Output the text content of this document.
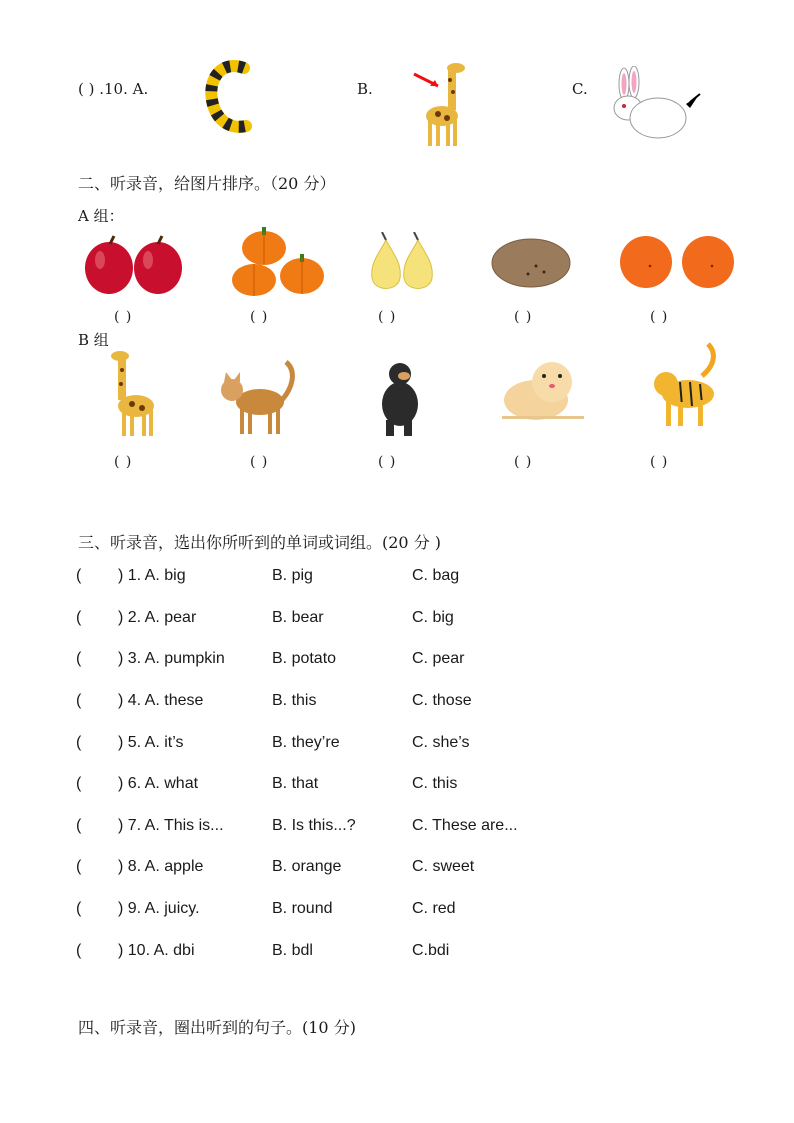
( ) .10. A.	B.	C.
二、听录音，给图片排序。（20 分）
A 组：
( )	( )	( )	( )	( )
B 组
( )	( )	( )	( )	( )
三、听录音，选出你所听到的单词或词组。(20 分 )
( ) 1. A. big	B. pig	C. bag
( ) 2. A. pear	B. bear	C. big
( ) 3. A. pumpkin	B. potato	C. pear
( ) 4. A. these	B. this	C. those
( ) 5. A. it’s	B. they’re	C. she’s
( ) 6. A. what	B. that	C. this
( ) 7. A. This is...	B. Is this...?	C. These are...
( ) 8. A. apple	B. orange	C. sweet
( ) 9. A. juicy.	B. round	C. red
( ) 10. A. dbi	B. bdl	C.bdi
四、听录音，圈出听到的句子。(10 分)
